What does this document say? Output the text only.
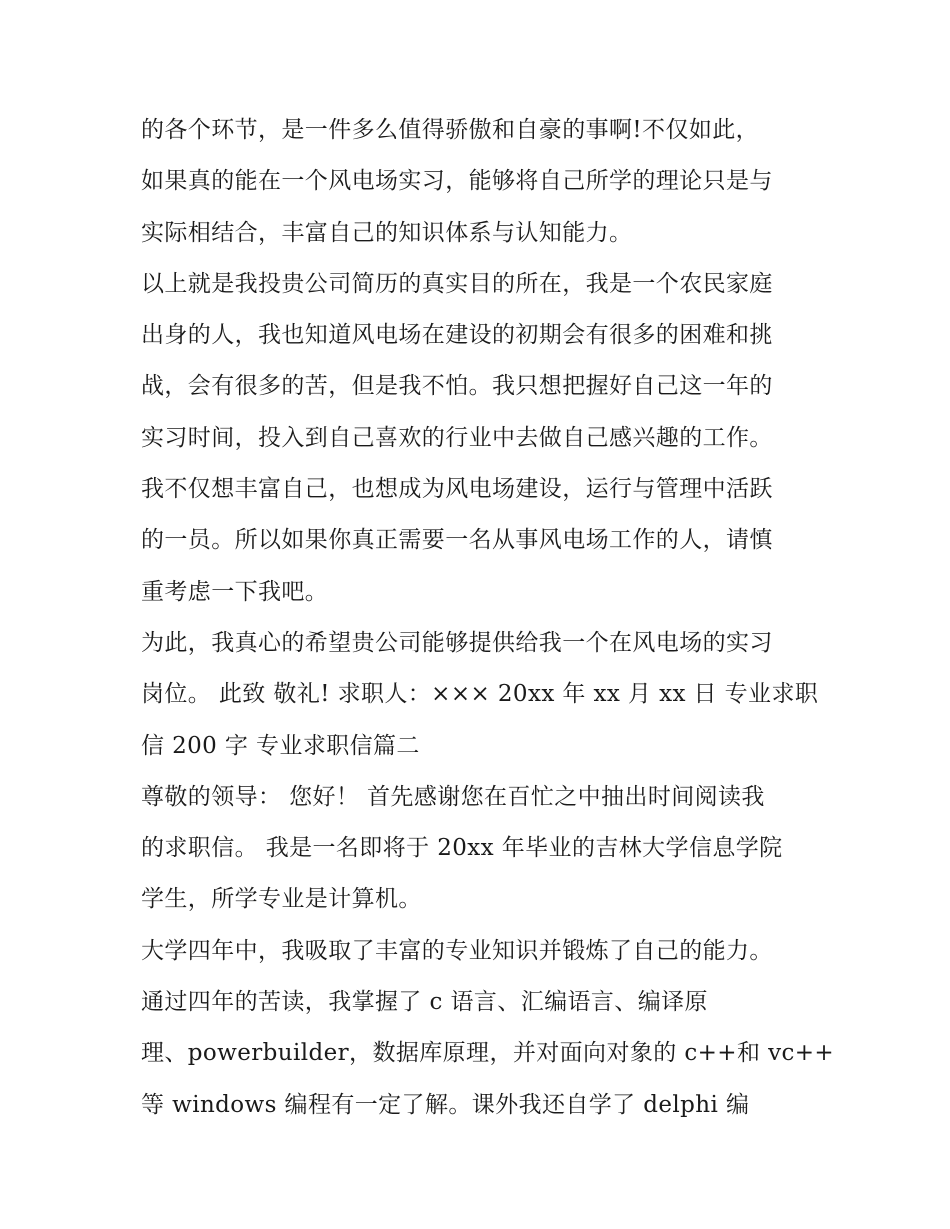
的各个环节，是一件多么值得骄傲和自豪的事啊!不仅如此，
如果真的能在一个风电场实习，能够将自己所学的理论只是与
实际相结合，丰富自己的知识体系与认知能力。
以上就是我投贵公司简历的真实目的所在，我是一个农民家庭
出身的人，我也知道风电场在建设的初期会有很多的困难和挑
战，会有很多的苦，但是我不怕。我只想把握好自己这一年的
实习时间，投入到自己喜欢的行业中去做自己感兴趣的工作。
我不仅想丰富自己，也想成为风电场建设，运行与管理中活跃
的一员。所以如果你真正需要一名从事风电场工作的人，请慎
重考虑一下我吧。
为此，我真心的希望贵公司能够提供给我一个在风电场的实习
岗位。 此致 敬礼! 求职人：××× 20xx 年 xx 月 xx 日 专业求职
信 200 字 专业求职信篇二
尊敬的领导： 您好！ 首先感谢您在百忙之中抽出时间阅读我
的求职信。 我是一名即将于 20xx 年毕业的吉林大学信息学院
学生，所学专业是计算机。
大学四年中，我吸取了丰富的专业知识并锻炼了自己的能力。
通过四年的苦读，我掌握了 c 语言、汇编语言、编译原
理、powerbuilder，数据库原理，并对面向对象的 c++和 vc++
等 windows 编程有一定了解。课外我还自学了 delphi 编
